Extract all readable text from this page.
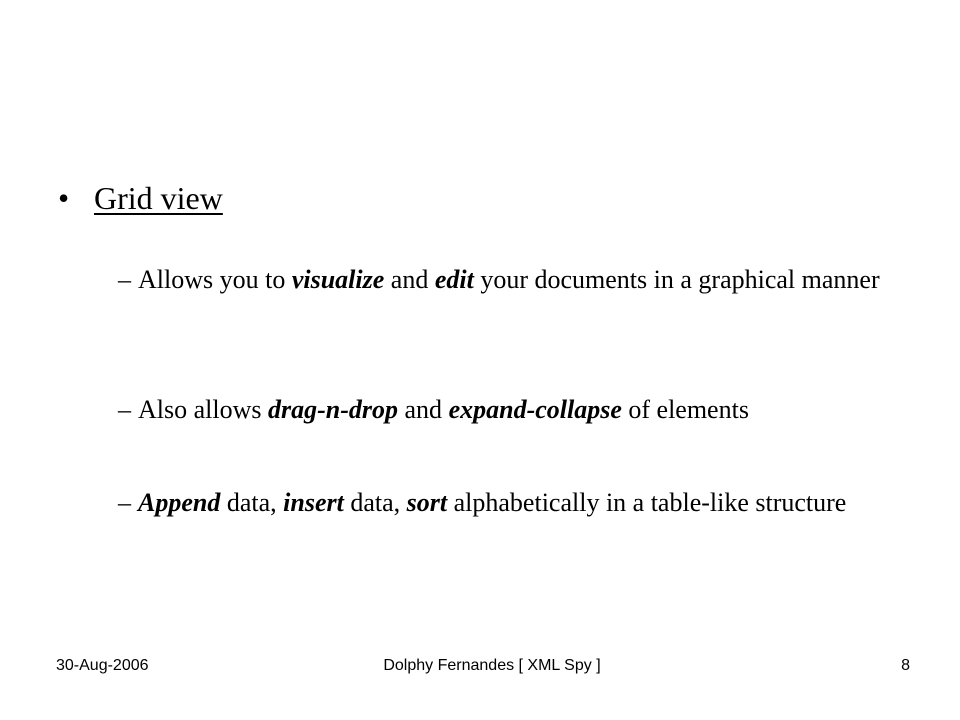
• Grid view
– Allows you to visualize and edit your documents in a graphical manner
– Also allows drag-n-drop and expand-collapse of elements
– Append data, insert data, sort alphabetically in a table-like structure
30-Aug-2006	Dolphy Fernandes [ XML Spy ]	8
